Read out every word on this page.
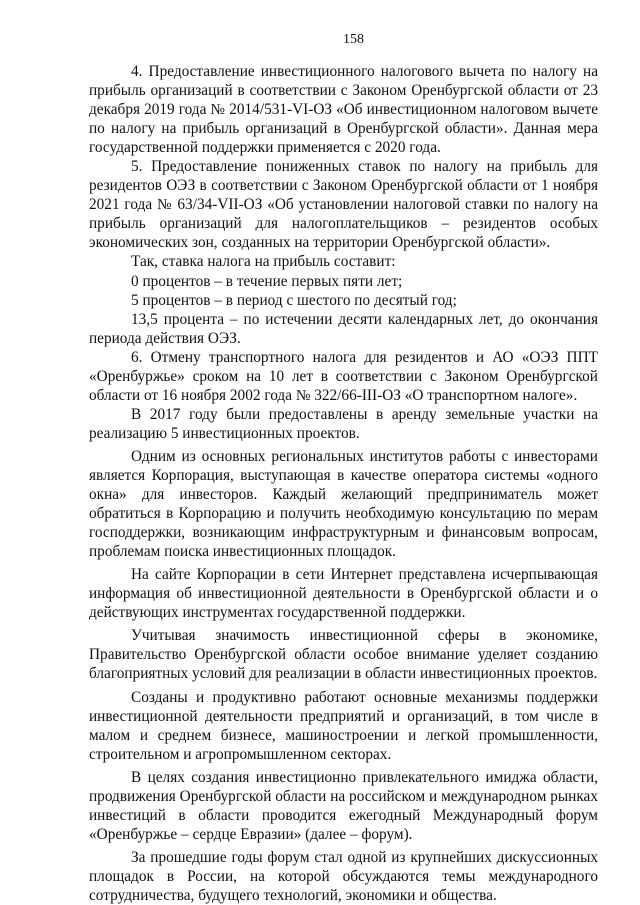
158

4. Предоставление инвестиционного налогового вычета по налогу на прибыль организаций в соответствии с Законом Оренбургской области от 23 декабря 2019 года № 2014/531-VI-ОЗ «Об инвестиционном налоговом вычете по налогу на прибыль организаций в Оренбургской области». Данная мера государственной поддержки применяется с 2020 года.

5. Предоставление пониженных ставок по налогу на прибыль для резидентов ОЭЗ в соответствии с Законом Оренбургской области от 1 ноября 2021 года № 63/34-VII-ОЗ «Об установлении налоговой ставки по налогу на прибыль организаций для налогоплательщиков – резидентов особых экономических зон, созданных на территории Оренбургской области».

Так, ставка налога на прибыль составит:

0 процентов – в течение первых пяти лет;

5 процентов – в период с шестого по десятый год;

13,5 процента – по истечении десяти календарных лет, до окончания периода действия ОЭЗ.

6. Отмену транспортного налога для резидентов и АО «ОЭЗ ППТ «Оренбуржье» сроком на 10 лет в соответствии с Законом Оренбургской области от 16 ноября 2002 года № 322/66-III-ОЗ «О транспортном налоге».

В 2017 году были предоставлены в аренду земельные участки на реализацию 5 инвестиционных проектов.

Одним из основных региональных институтов работы с инвесторами является Корпорация, выступающая в качестве оператора системы «одного окна» для инвесторов. Каждый желающий предприниматель может обратиться в Корпорацию и получить необходимую консультацию по мерам господдержки, возникающим инфраструктурным и финансовым вопросам, проблемам поиска инвестиционных площадок.

На сайте Корпорации в сети Интернет представлена исчерпывающая информация об инвестиционной деятельности в Оренбургской области и о действующих инструментах государственной поддержки.

Учитывая значимость инвестиционной сферы в экономике, Правительство Оренбургской области особое внимание уделяет созданию благоприятных условий для реализации в области инвестиционных проектов.

Созданы и продуктивно работают основные механизмы поддержки инвестиционной деятельности предприятий и организаций, в том числе в малом и среднем бизнесе, машиностроении и легкой промышленности, строительном и агропромышленном секторах.

В целях создания инвестиционно привлекательного имиджа области, продвижения Оренбургской области на российском и международном рынках инвестиций в области проводится ежегодный Международный форум «Оренбуржье – сердце Евразии» (далее – форум).

За прошедшие годы форум стал одной из крупнейших дискуссионных площадок в России, на которой обсуждаются темы международного сотрудничества, будущего технологий, экономики и общества.
